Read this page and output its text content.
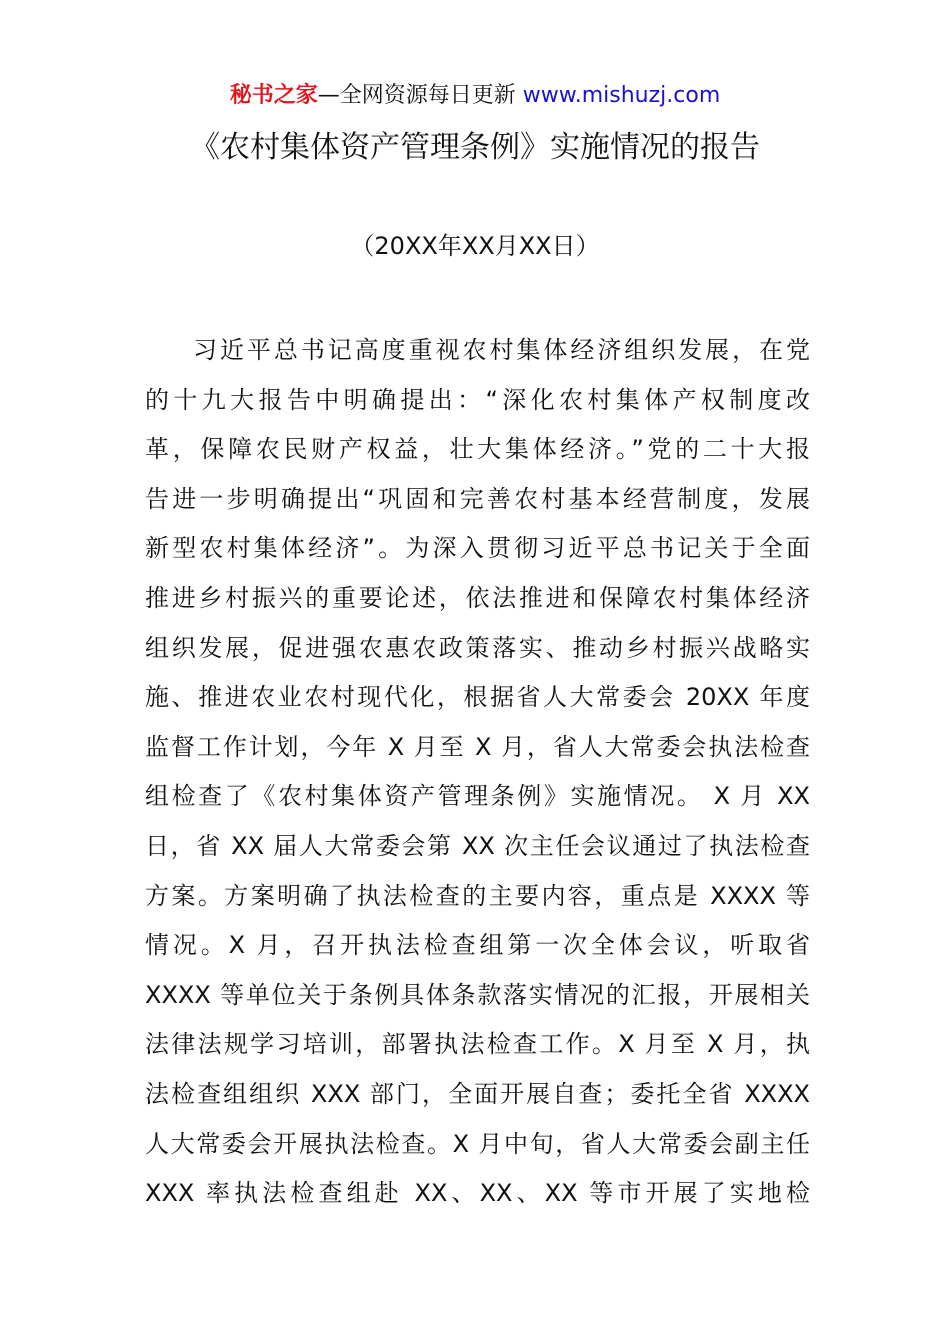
秘书之家—全网资源每日更新 www.mishuzj.com
《农村集体资产管理条例》实施情况的报告
（20XX年XX月XX日）
习近平总书记高度重视农村集体经济组织发展，在党
的十九大报告中明确提出：“深化农村集体产权制度改
革，保障农民财产权益，壮大集体经济。”党的二十大报
告进一步明确提出“巩固和完善农村基本经营制度，发展
新型农村集体经济”。为深入贯彻习近平总书记关于全面
推进乡村振兴的重要论述，依法推进和保障农村集体经济
组织发展，促进强农惠农政策落实、推动乡村振兴战略实
施、推进农业农村现代化，根据省人大常委会 20XX 年度
监督工作计划，今年 X 月至 X 月，省人大常委会执法检查
组检查了《农村集体资产管理条例》实施情况。 X 月 XX
日，省 XX 届人大常委会第 XX 次主任会议通过了执法检查
方案。方案明确了执法检查的主要内容，重点是 XXXX 等
情况。X 月，召开执法检查组第一次全体会议，听取省
XXXX 等单位关于条例具体条款落实情况的汇报，开展相关
法律法规学习培训，部署执法检查工作。X 月至 X 月，执
法检查组组织 XXX 部门，全面开展自查；委托全省 XXXX
人大常委会开展执法检查。X 月中旬，省人大常委会副主任
XXX 率执法检查组赴 XX、XX、XX 等市开展了实地检
